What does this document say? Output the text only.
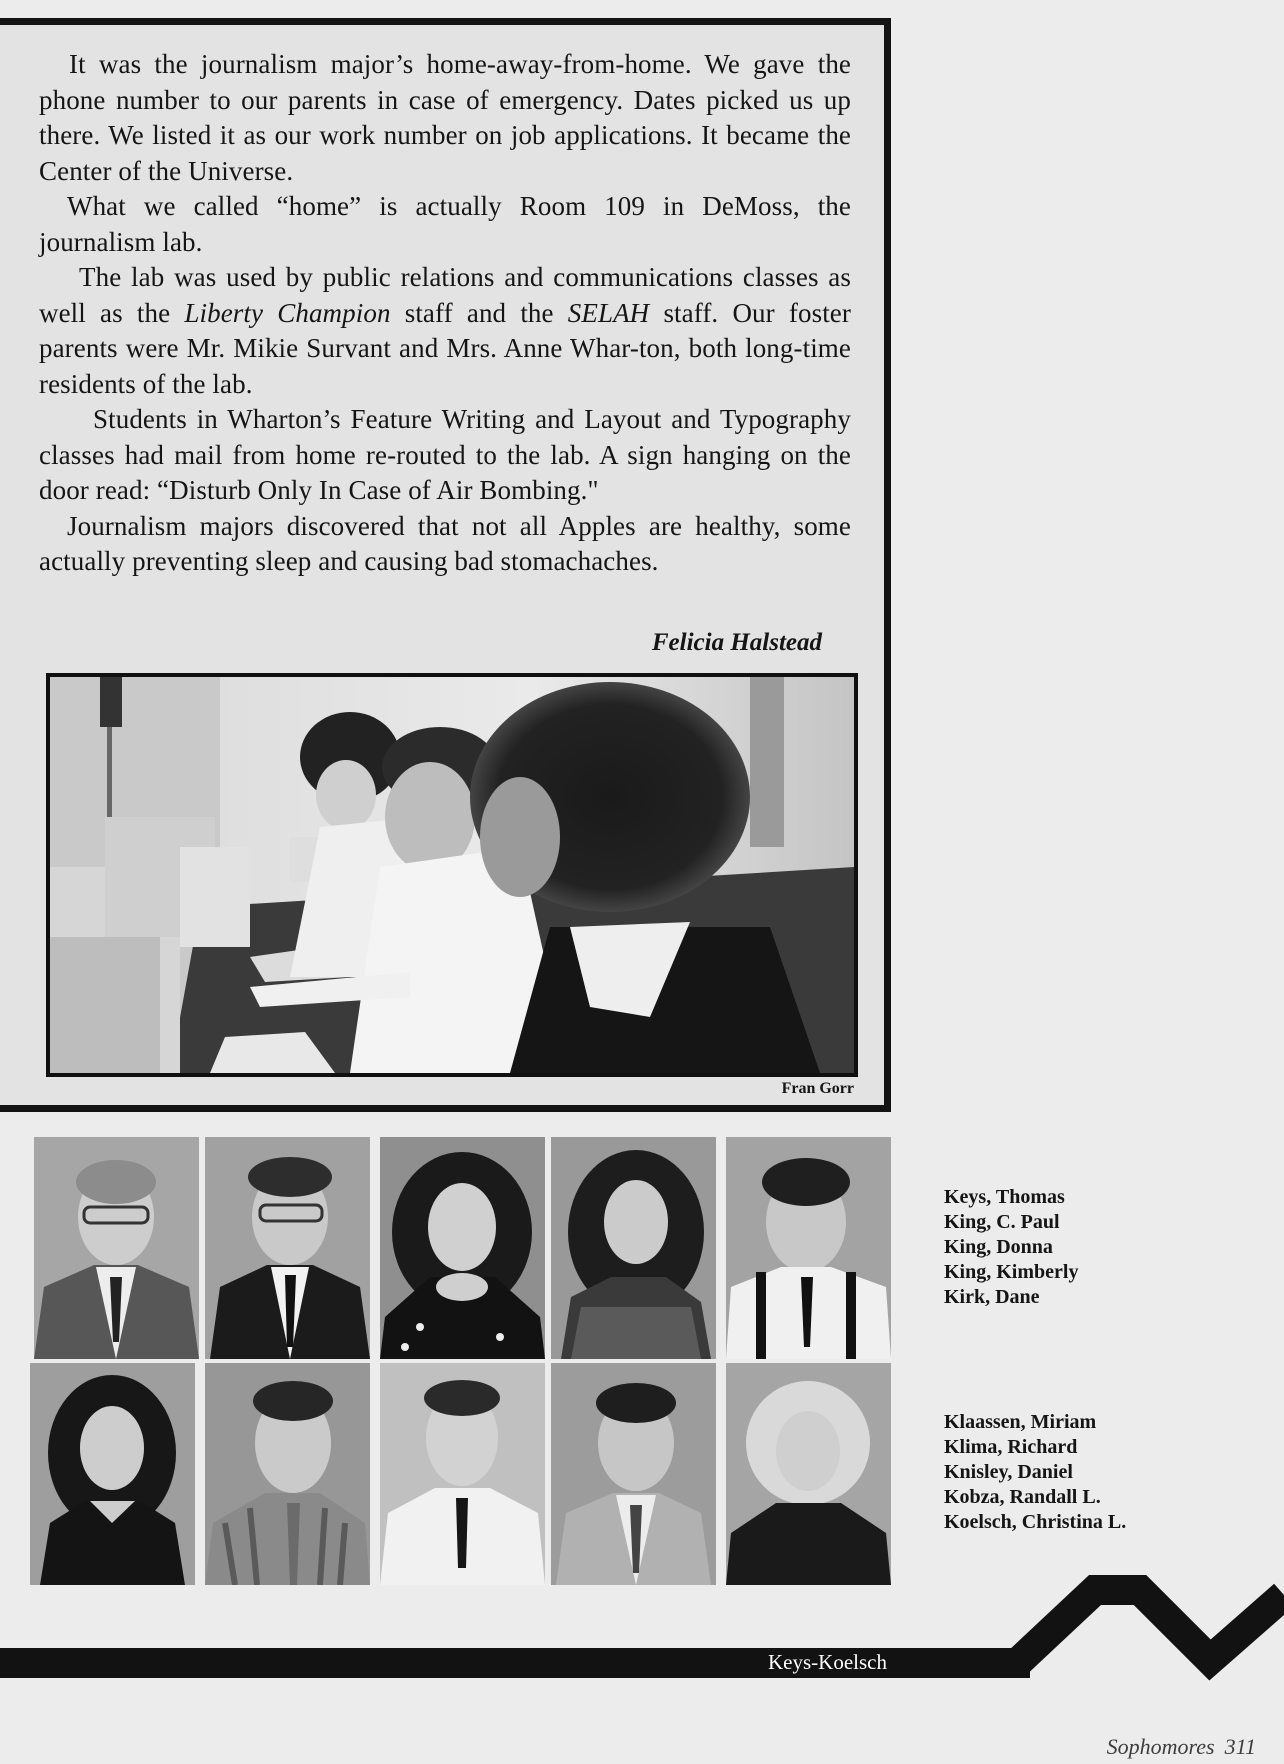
It was the journalism major’s home-away-from-home. We gave the phone number to our parents in case of emergency. Dates picked us up there. We listed it as our work number on job applications. It became the Center of the Universe.

What we called “home” is actually Room 109 in DeMoss, the journalism lab.

The lab was used by public relations and communications classes as well as the Liberty Champion staff and the SELAH staff. Our foster parents were Mr. Mikie Survant and Mrs. Anne Whar-ton, both long-time residents of the lab.

Students in Wharton’s Feature Writing and Layout and Typography classes had mail from home re-routed to the lab. A sign hanging on the door read: “Disturb Only In Case of Air Bombing."

Journalism majors discovered that not all Apples are healthy, some actually preventing sleep and causing bad stomachaches.

Felicia Halstead
Fran Gorr
Keys, Thomas
King, C. Paul
King, Donna
King, Kimberly
Kirk, Dane
Klaassen, Miriam
Klima, Richard
Knisley, Daniel
Kobza, Randall L.
Koelsch, Christina L.
Keys-Koelsch
Sophomores 311
